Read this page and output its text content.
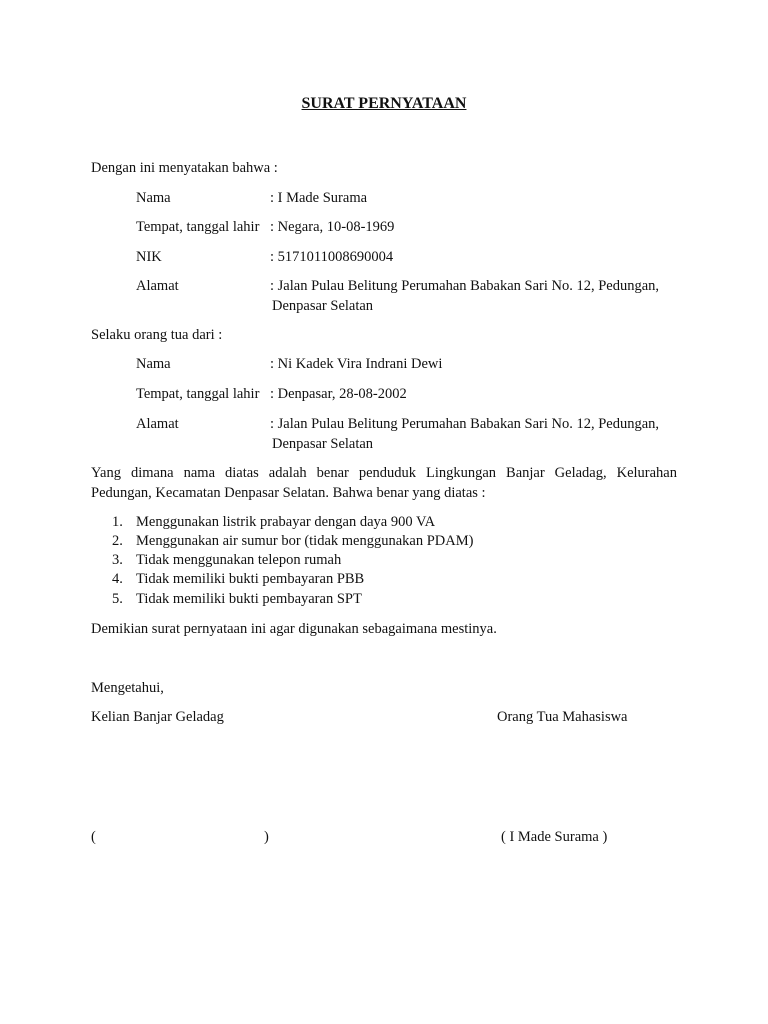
SURAT PERNYATAAN
Dengan ini menyatakan bahwa :
Nama	: I Made Surama
Tempat, tanggal lahir : Negara, 10-08-1969
NIK	: 5171011008690004
Alamat	: Jalan Pulau Belitung Perumahan Babakan Sari No. 12, Pedungan,
Denpasar Selatan
Selaku orang tua dari :
Nama	: Ni Kadek Vira Indrani Dewi
Tempat, tanggal lahir : Denpasar, 28-08-2002
Alamat	: Jalan Pulau Belitung Perumahan Babakan Sari No. 12, Pedungan,
Denpasar Selatan
Yang dimana nama diatas adalah benar penduduk Lingkungan Banjar Geladag, Kelurahan Pedungan, Kecamatan Denpasar Selatan. Bahwa benar yang diatas :
1. Menggunakan listrik prabayar dengan daya 900 VA
2. Menggunakan air sumur bor (tidak menggunakan PDAM)
3. Tidak menggunakan telepon rumah
4. Tidak memiliki bukti pembayaran PBB
5. Tidak memiliki bukti pembayaran SPT
Demikian surat pernyataan ini agar digunakan sebagaimana mestinya.
Mengetahui,
Kelian Banjar Geladag	Orang Tua Mahasiswa
(	)	( I Made Surama )
